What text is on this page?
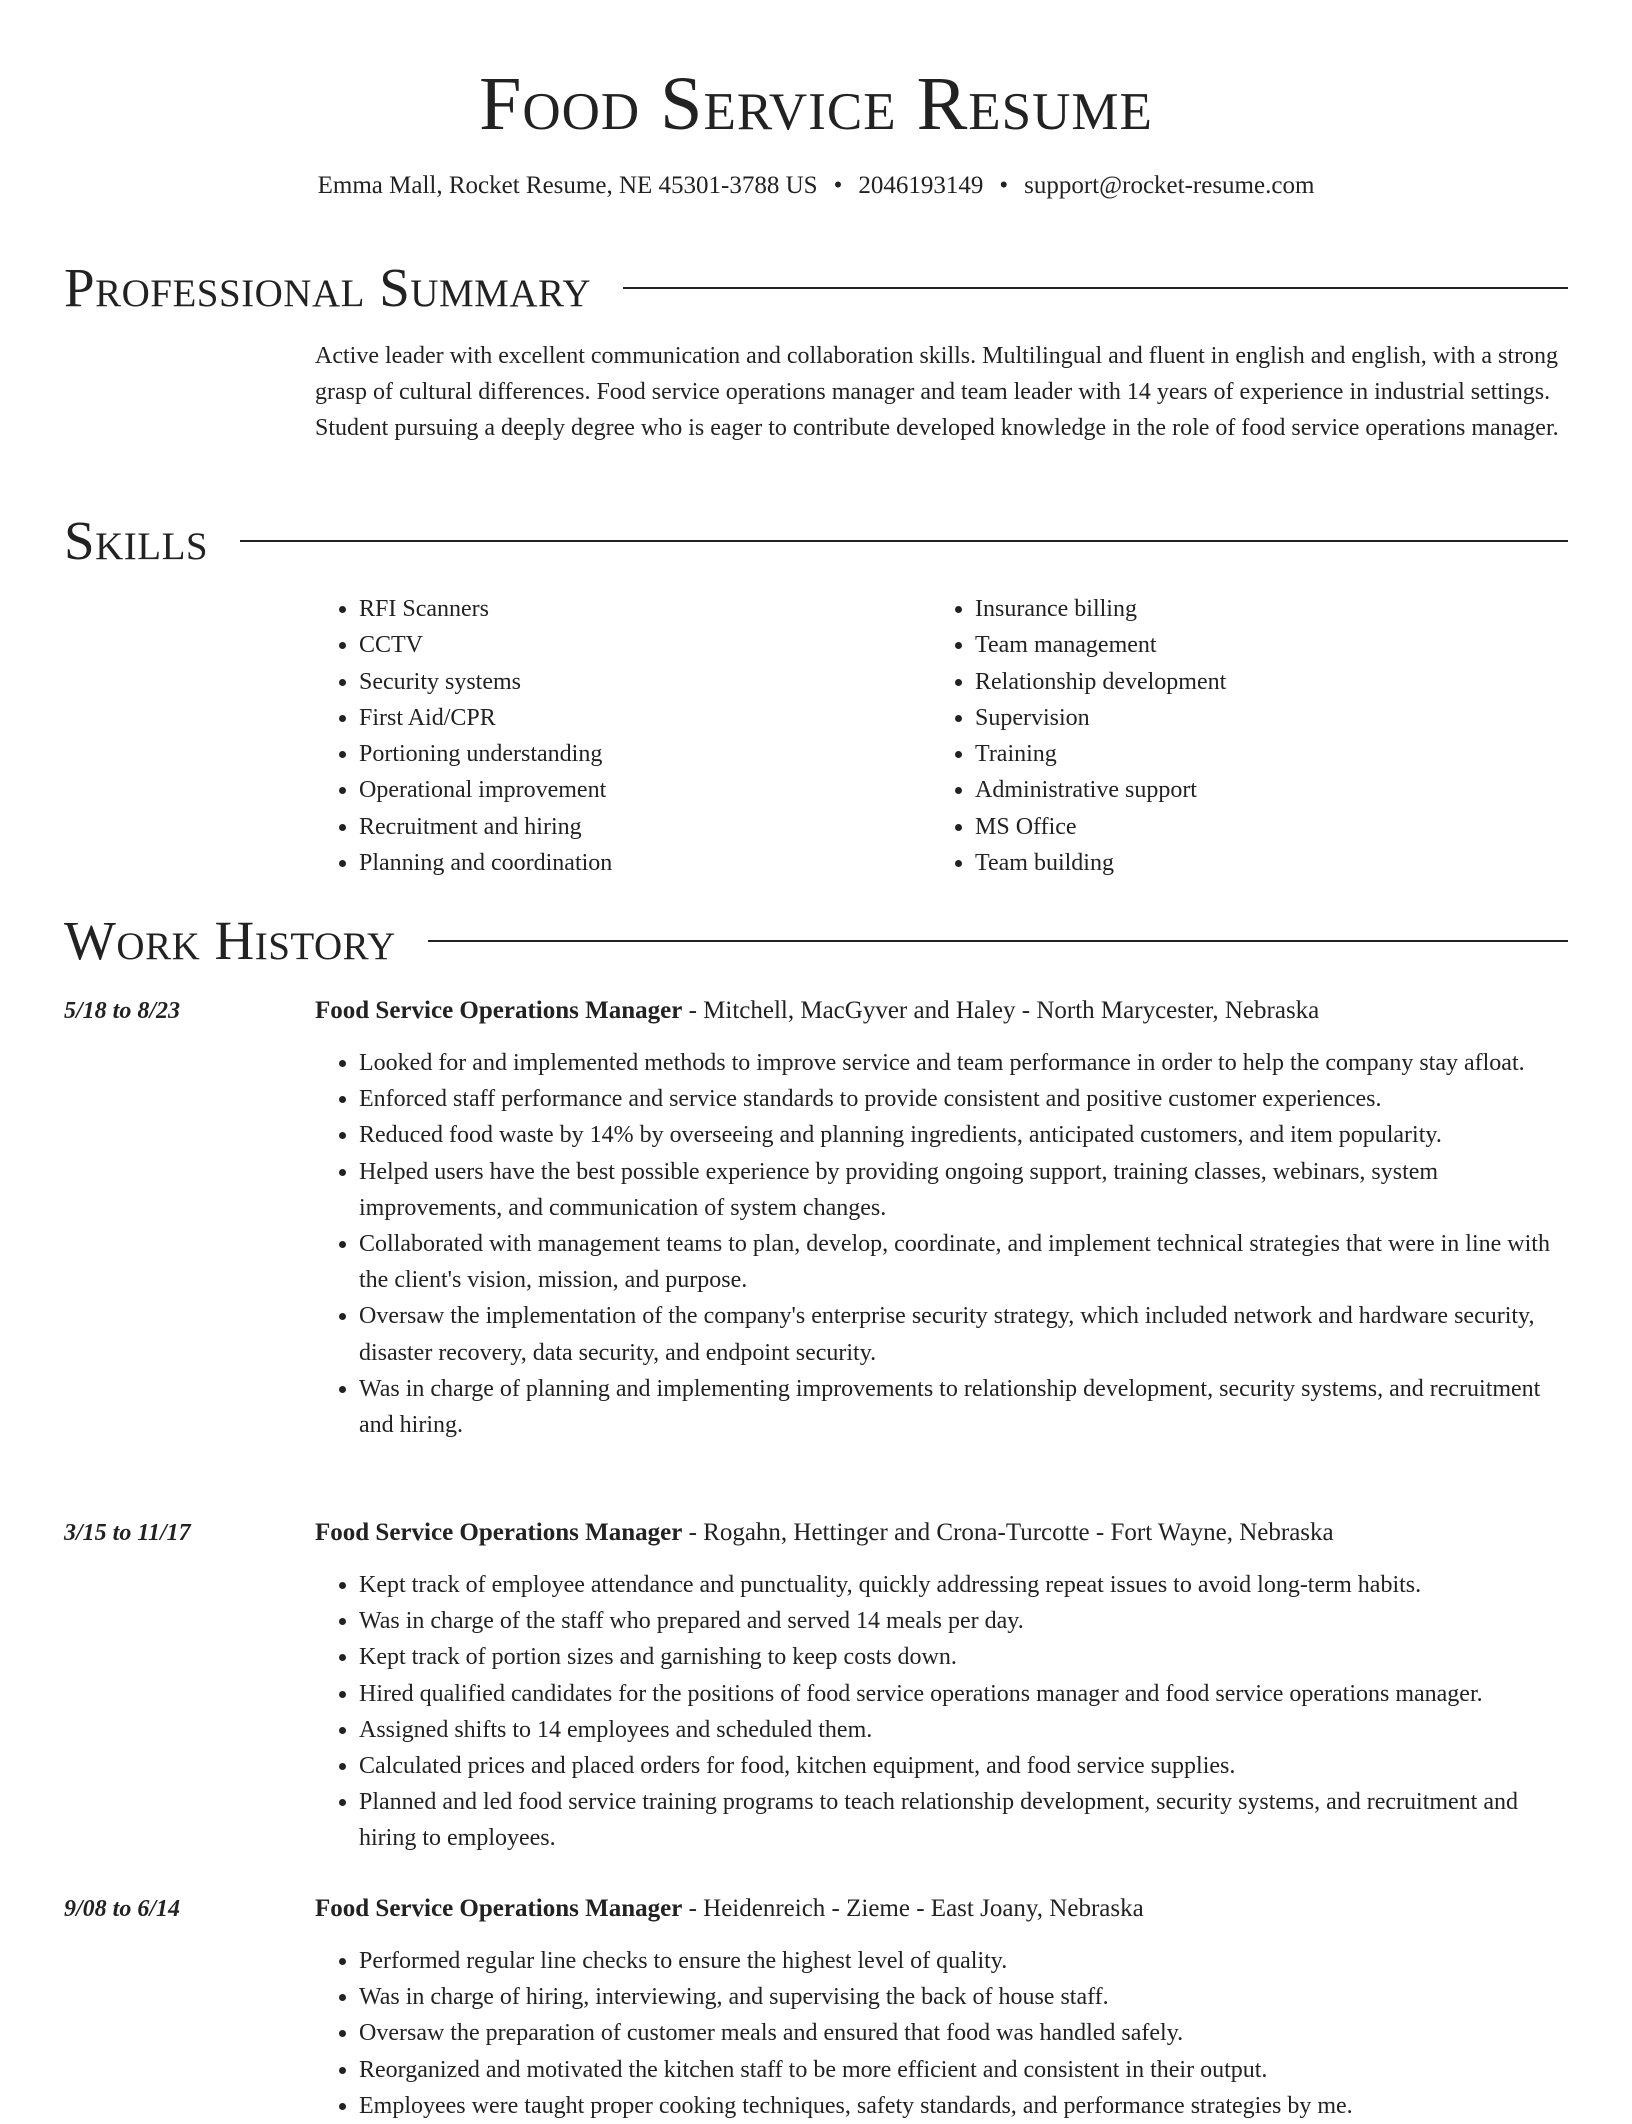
Food Service Resume
Emma Mall, Rocket Resume, NE 45301-3788 US • 2046193149 • support@rocket-resume.com
Professional Summary

Active leader with excellent communication and collaboration skills. Multilingual and fluent in english and english, with a strong grasp of cultural differences. Food service operations manager and team leader with 14 years of experience in industrial settings. Student pursuing a deeply degree who is eager to contribute developed knowledge in the role of food service operations manager.

Skills
• RFI Scanners
• CCTV
• Security systems
• First Aid/CPR
• Portioning understanding
• Operational improvement
• Recruitment and hiring
• Planning and coordination
• Insurance billing
• Team management
• Relationship development
• Supervision
• Training
• Administrative support
• MS Office
• Team building
Work History
5/18 to 8/23	Food Service Operations Manager - Mitchell, MacGyver and Haley - North Marycester, Nebraska
• Looked for and implemented methods to improve service and team performance in order to help the company stay afloat.
• Enforced staff performance and service standards to provide consistent and positive customer experiences.
• Reduced food waste by 14% by overseeing and planning ingredients, anticipated customers, and item popularity.
• Helped users have the best possible experience by providing ongoing support, training classes, webinars, system improvements, and communication of system changes.
• Collaborated with management teams to plan, develop, coordinate, and implement technical strategies that were in line with the client's vision, mission, and purpose.
• Oversaw the implementation of the company's enterprise security strategy, which included network and hardware security, disaster recovery, data security, and endpoint security.
• Was in charge of planning and implementing improvements to relationship development, security systems, and recruitment and hiring.
3/15 to 11/17	Food Service Operations Manager - Rogahn, Hettinger and Crona-Turcotte - Fort Wayne, Nebraska
• Kept track of employee attendance and punctuality, quickly addressing repeat issues to avoid long-term habits.
• Was in charge of the staff who prepared and served 14 meals per day.
• Kept track of portion sizes and garnishing to keep costs down.
• Hired qualified candidates for the positions of food service operations manager and food service operations manager.
• Assigned shifts to 14 employees and scheduled them.
• Calculated prices and placed orders for food, kitchen equipment, and food service supplies.
• Planned and led food service training programs to teach relationship development, security systems, and recruitment and hiring to employees.
9/08 to 6/14	Food Service Operations Manager - Heidenreich - Zieme - East Joany, Nebraska
• Performed regular line checks to ensure the highest level of quality.
• Was in charge of hiring, interviewing, and supervising the back of house staff.
• Oversaw the preparation of customer meals and ensured that food was handled safely.
• Reorganized and motivated the kitchen staff to be more efficient and consistent in their output.
• Employees were taught proper cooking techniques, safety standards, and performance strategies by me.
